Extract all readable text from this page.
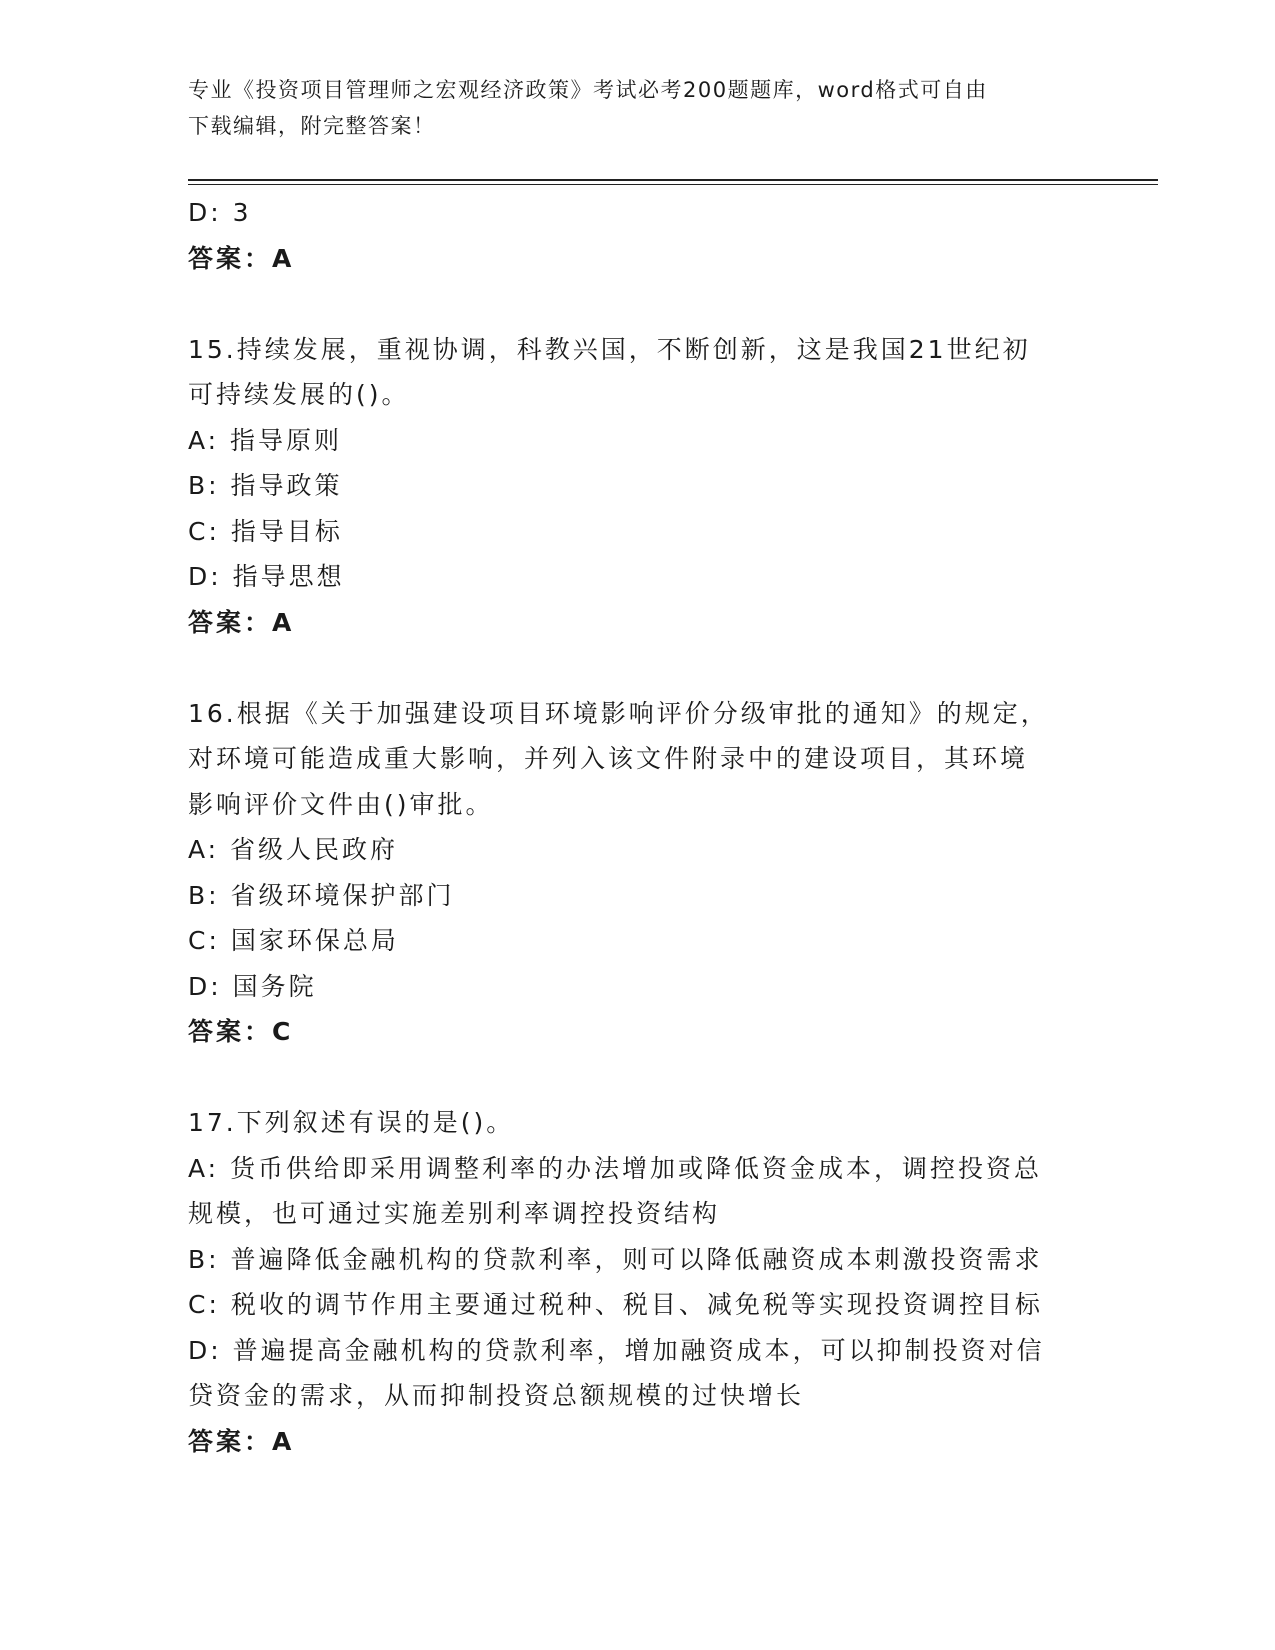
专业《投资项目管理师之宏观经济政策》考试必考200题题库，word格式可自由
下载编辑，附完整答案！
D: 3
答案：A
15.持续发展，重视协调，科教兴国，不断创新，这是我国21世纪初
可持续发展的()。
A: 指导原则
B: 指导政策
C: 指导目标
D: 指导思想
答案：A
16.根据《关于加强建设项目环境影响评价分级审批的通知》的规定，
对环境可能造成重大影响，并列入该文件附录中的建设项目，其环境
影响评价文件由()审批。
A: 省级人民政府
B: 省级环境保护部门
C: 国家环保总局
D: 国务院
答案：C
17.下列叙述有误的是()。
A: 货币供给即采用调整利率的办法增加或降低资金成本，调控投资总
规模，也可通过实施差别利率调控投资结构
B: 普遍降低金融机构的贷款利率，则可以降低融资成本刺激投资需求
C: 税收的调节作用主要通过税种、税目、减免税等实现投资调控目标
D: 普遍提高金融机构的贷款利率，增加融资成本，可以抑制投资对信
贷资金的需求，从而抑制投资总额规模的过快增长
答案：A
